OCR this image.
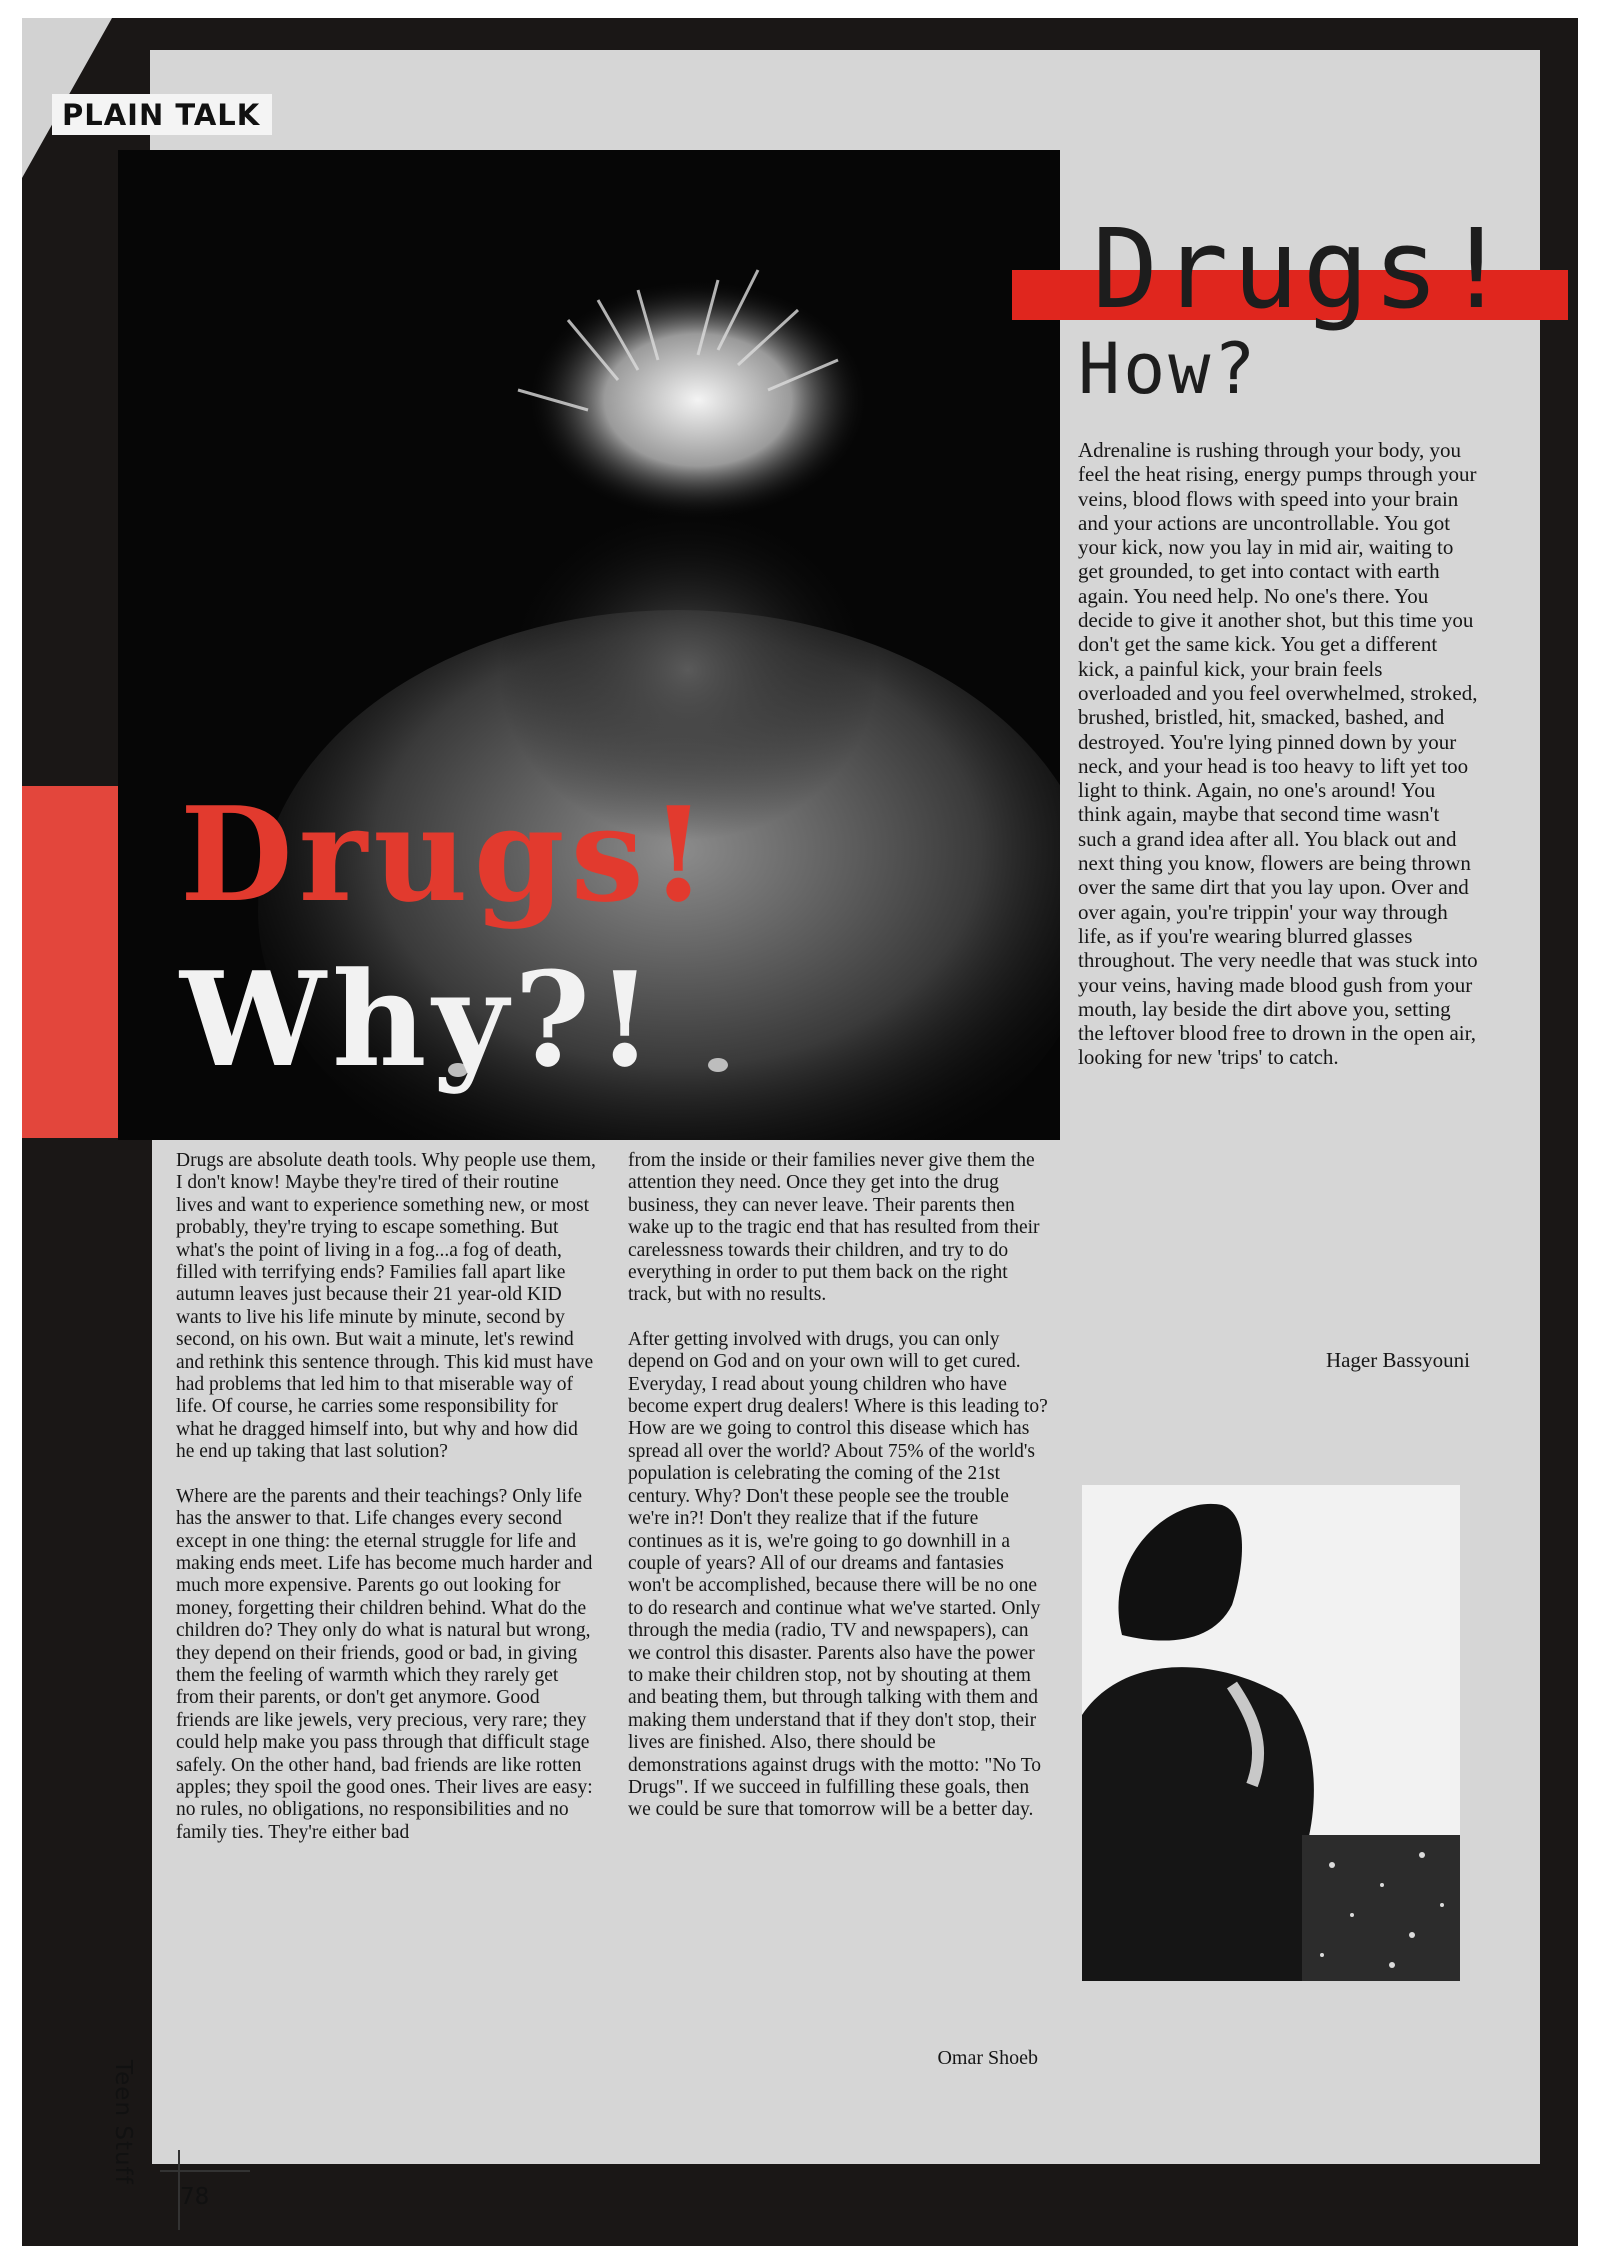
PLAIN TALK
Drugs!
Why?!
Drugs!
How?

Drugs are absolute death tools. Why people use them, I don't know! Maybe they're tired of their routine lives and want to experience something new, or most probably, they're trying to escape something. But what's the point of living in a fog...a fog of death, filled with terrifying ends? Families fall apart like autumn leaves just because their 21 year-old KID wants to live his life minute by minute, second by second, on his own. But wait a minute, let's rewind and rethink this sentence through. This kid must have had problems that led him to that miserable way of life. Of course, he carries some responsibility for what he dragged himself into, but why and how did he end up taking that last solution?

Where are the parents and their teachings? Only life has the answer to that. Life changes every second except in one thing: the eternal struggle for life and making ends meet. Life has become much harder and much more expensive. Parents go out looking for money, forgetting their children behind. What do the children do? They only do what is natural but wrong, they depend on their friends, good or bad, in giving them the feeling of warmth which they rarely get from their parents, or don't get anymore. Good friends are like jewels, very precious, very rare; they could help make you pass through that difficult stage safely. On the other hand, bad friends are like rotten apples; they spoil the good ones. Their lives are easy: no rules, no obligations, no responsibilities and no family ties. They're either bad

from the inside or their families never give them the attention they need. Once they get into the drug business, they can never leave. Their parents then wake up to the tragic end that has resulted from their carelessness towards their children, and try to do everything in order to put them back on the right track, but with no results.

After getting involved with drugs, you can only depend on God and on your own will to get cured. Everyday, I read about young children who have become expert drug dealers! Where is this leading to? How are we going to control this disease which has spread all over the world? About 75% of the world's population is celebrating the coming of the 21st century. Why? Don't these people see the trouble we're in?! Don't they realize that if the future continues as it is, we're going to go downhill in a couple of years? All of our dreams and fantasies won't be accomplished, because there will be no one to do research and continue what we've started. Only through the media (radio, TV and newspapers), can we control this disaster. Parents also have the power to make their children stop, not by shouting at them and beating them, but through talking with them and making them understand that if they don't stop, their lives are finished. Also, there should be demonstrations against drugs with the motto: "No To Drugs". If we succeed in fulfilling these goals, then we could be sure that tomorrow will be a better day.

Omar Shoeb

Adrenaline is rushing through your body, you feel the heat rising, energy pumps through your veins, blood flows with speed into your brain and your actions are uncontrollable. You got your kick, now you lay in mid air, waiting to get grounded, to get into contact with earth again. You need help. No one's there. You decide to give it another shot, but this time you don't get the same kick. You get a different kick, a painful kick, your brain feels overloaded and you feel overwhelmed, stroked, brushed, bristled, hit, smacked, bashed, and destroyed. You're lying pinned down by your neck, and your head is too heavy to lift yet too light to think. Again, no one's around! You think again, maybe that second time wasn't such a grand idea after all. You black out and next thing you know, flowers are being thrown over the same dirt that you lay upon. Over and over again, you're trippin' your way through life, as if you're wearing blurred glasses throughout. The very needle that was stuck into your veins, having made blood gush from your mouth, lay beside the dirt above you, setting the leftover blood free to drown in the open air, looking for new 'trips' to catch.

Hager Bassyouni
Teen Stuff
78
